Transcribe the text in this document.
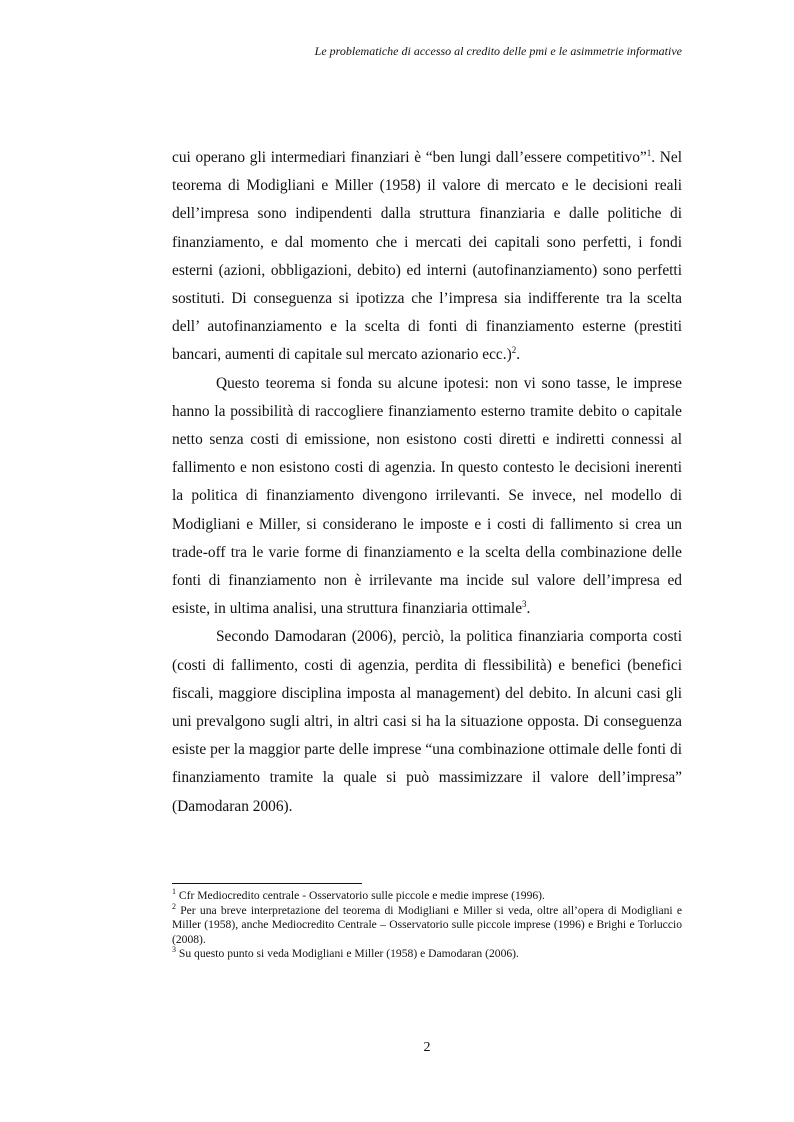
Le problematiche di accesso al credito delle pmi e le asimmetrie informative

cui operano gli intermediari finanziari è “ben lungi dall’essere competitivo”$^1$. Nel teorema di Modigliani e Miller (1958) il valore di mercato e le decisioni reali dell’impresa sono indipendenti dalla struttura finanziaria e dalle politiche di finanziamento, e dal momento che i mercati dei capitali sono perfetti, i fondi esterni (azioni, obbligazioni, debito) ed interni (autofinanziamento) sono perfetti sostituti. Di conseguenza si ipotizza che l’impresa sia indifferente tra la scelta dell’ autofinanziamento e la scelta di fonti di finanziamento esterne (prestiti bancari, aumenti di capitale sul mercato azionario ecc.)$^2$.

Questo teorema si fonda su alcune ipotesi: non vi sono tasse, le imprese hanno la possibilità di raccogliere finanziamento esterno tramite debito o capitale netto senza costi di emissione, non esistono costi diretti e indiretti connessi al fallimento e non esistono costi di agenzia. In questo contesto le decisioni inerenti la politica di finanziamento divengono irrilevanti. Se invece, nel modello di Modigliani e Miller, si considerano le imposte e i costi di fallimento si crea un trade-off tra le varie forme di finanziamento e la scelta della combinazione delle fonti di finanziamento non è irrilevante ma incide sul valore dell’impresa ed esiste, in ultima analisi, una struttura finanziaria ottimale$^3$.

Secondo Damodaran (2006), perciò, la politica finanziaria comporta costi (costi di fallimento, costi di agenzia, perdita di flessibilità) e benefici (benefici fiscali, maggiore disciplina imposta al management) del debito. In alcuni casi gli uni prevalgono sugli altri, in altri casi si ha la situazione opposta. Di conseguenza esiste per la maggior parte delle imprese “una combinazione ottimale delle fonti di finanziamento tramite la quale si può massimizzare il valore dell’impresa” (Damodaran 2006).

$^1$ Cfr Mediocredito centrale - Osservatorio sulle piccole e medie imprese (1996).

$^2$ Per una breve interpretazione del teorema di Modigliani e Miller si veda, oltre all’opera di Modigliani e Miller (1958), anche Mediocredito Centrale – Osservatorio sulle piccole imprese (1996) e Brighi e Torluccio (2008).

$^3$ Su questo punto si veda Modigliani e Miller (1958) e Damodaran (2006).

2
